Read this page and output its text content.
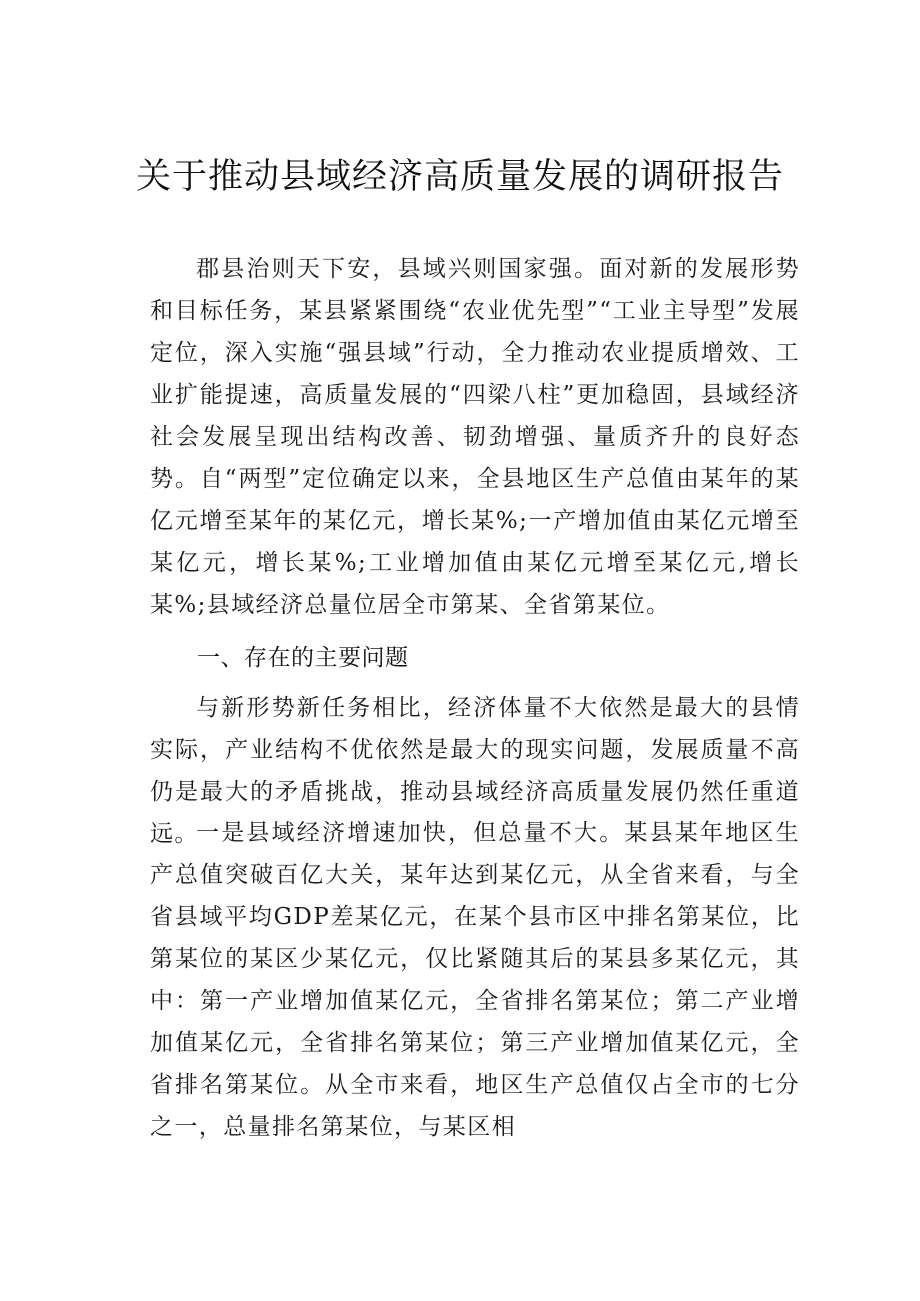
关于推动县域经济高质量发展的调研报告

郡县治则天下安，县域兴则国家强。面对新的发展形势和目标任务，某县紧紧围绕“农业优先型”“工业主导型”发展定位，深入实施“强县域”行动，全力推动农业提质增效、工业扩能提速，高质量发展的“四梁八柱”更加稳固，县域经济社会发展呈现出结构改善、韧劲增强、量质齐升的良好态势。自“两型”定位确定以来，全县地区生产总值由某年的某亿元增至某年的某亿元，增长某%;一产增加值由某亿元增至某亿元，增长某%;工业增加值由某亿元增至某亿元,增长某%;县域经济总量位居全市第某、全省第某位。

一、存在的主要问题

与新形势新任务相比，经济体量不大依然是最大的县情实际，产业结构不优依然是最大的现实问题，发展质量不高仍是最大的矛盾挑战，推动县域经济高质量发展仍然任重道远。

一是县域经济增速加快，但总量不大。某县某年地区生产总值突破百亿大关，某年达到某亿元，从全省来看，与全省县域平均GDP差某亿元，在某个县市区中排名第某位，比第某位的某区少某亿元，仅比紧随其后的某县多某亿元，其中：第一产业增加值某亿元，全省排名第某位；第二产业增加值某亿元，全省排名第某位；第三产业增加值某亿元，全省排名第某位。从全市来看，地区生产总值仅占全市的七分之一，总量排名第某位，与某区相
